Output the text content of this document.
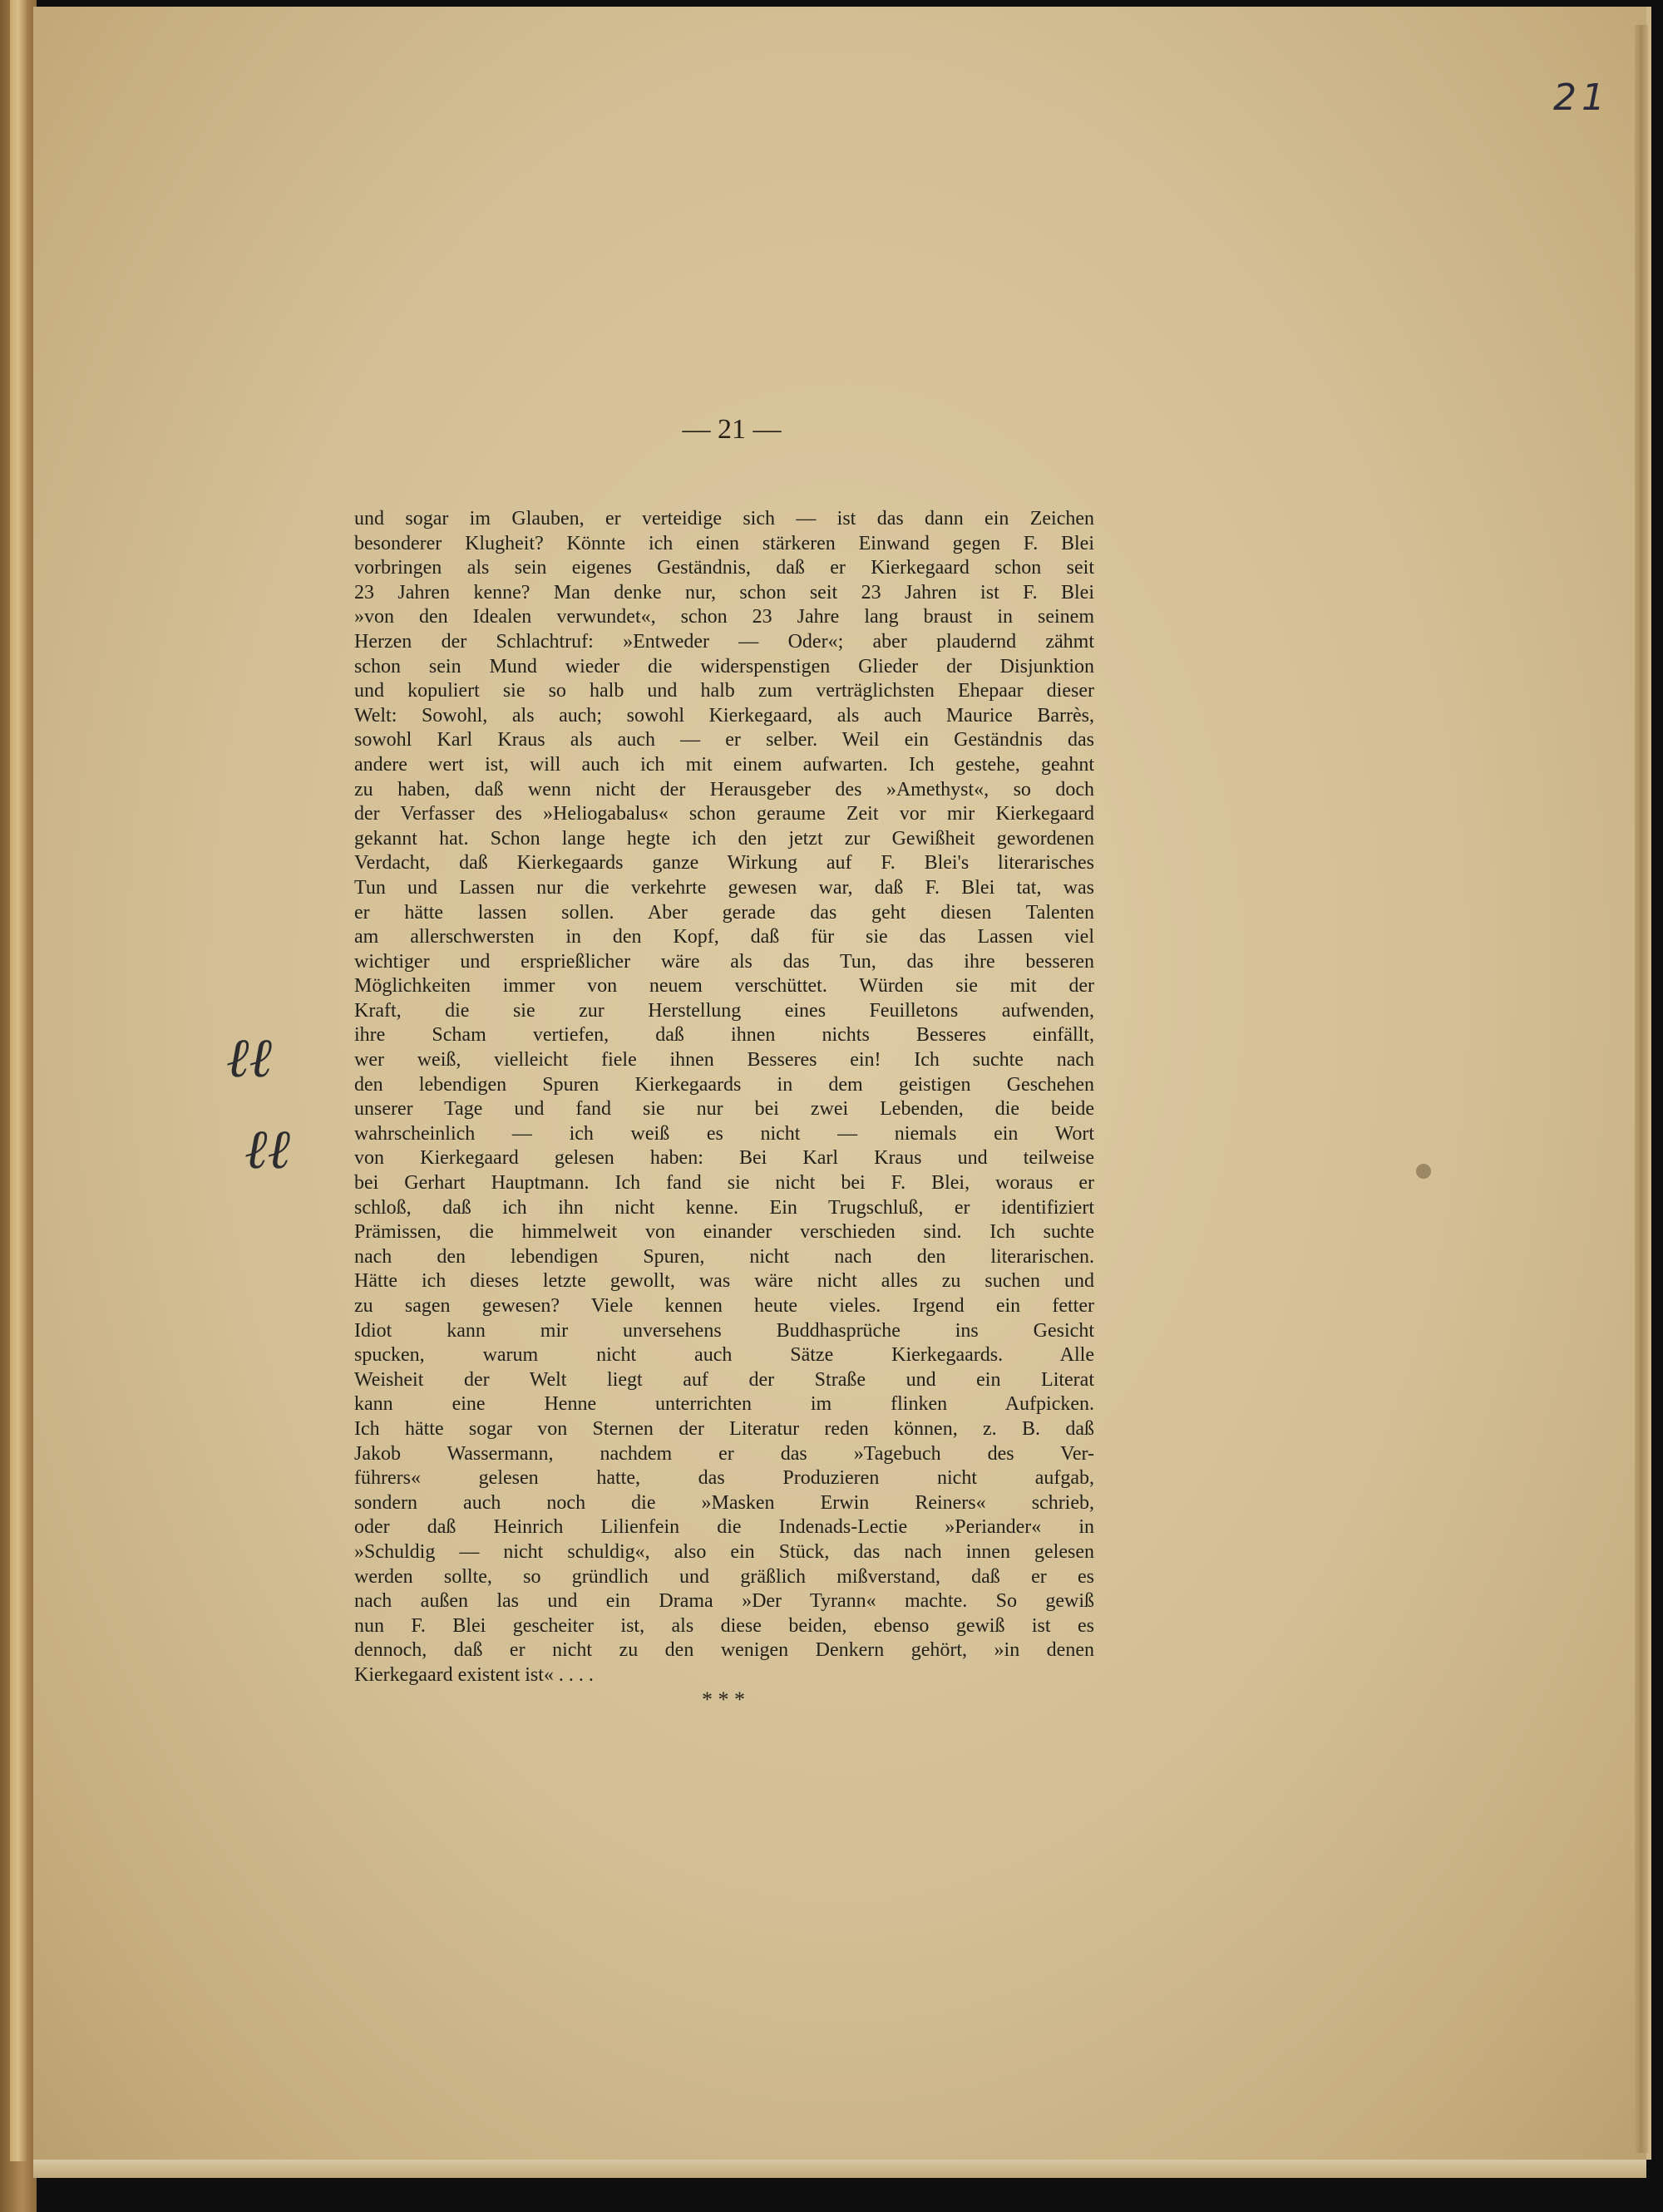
21
— 21 —
und sogar im Glauben, er verteidige sich — ist das dann ein Zeichen
besonderer Klugheit? Könnte ich einen stärkeren Einwand gegen F. Blei
vorbringen als sein eigenes Geständnis, daß er Kierkegaard schon seit
23 Jahren kenne? Man denke nur, schon seit 23 Jahren ist F. Blei
»von den Idealen verwundet«, schon 23 Jahre lang braust in seinem
Herzen der Schlachtruf: »Entweder — Oder«; aber plaudernd zähmt
schon sein Mund wieder die widerspenstigen Glieder der Disjunktion
und kopuliert sie so halb und halb zum verträglichsten Ehepaar dieser
Welt: Sowohl, als auch; sowohl Kierkegaard, als auch Maurice Barrès,
sowohl Karl Kraus als auch — er selber. Weil ein Geständnis das
andere wert ist, will auch ich mit einem aufwarten. Ich gestehe, geahnt
zu haben, daß wenn nicht der Herausgeber des »Amethyst«, so doch
der Verfasser des »Heliogabalus« schon geraume Zeit vor mir Kierkegaard
gekannt hat. Schon lange hegte ich den jetzt zur Gewißheit gewordenen
Verdacht, daß Kierkegaards ganze Wirkung auf F. Blei's literarisches
Tun und Lassen nur die verkehrte gewesen war, daß F. Blei tat, was
er hätte lassen sollen. Aber gerade das geht diesen Talenten
am allerschwersten in den Kopf, daß für sie das Lassen viel
wichtiger und ersprießlicher wäre als das Tun, das ihre besseren
Möglichkeiten immer von neuem verschüttet. Würden sie mit der
Kraft, die sie zur Herstellung eines Feuilletons aufwenden,
ihre Scham vertiefen, daß ihnen nichts Besseres einfällt,
wer weiß, vielleicht fiele ihnen Besseres ein! Ich suchte nach
den lebendigen Spuren Kierkegaards in dem geistigen Geschehen
unserer Tage und fand sie nur bei zwei Lebenden, die beide
wahrscheinlich — ich weiß es nicht — niemals ein Wort
von Kierkegaard gelesen haben: Bei Karl Kraus und teilweise
bei Gerhart Hauptmann. Ich fand sie nicht bei F. Blei, woraus er
schloß, daß ich ihn nicht kenne. Ein Trugschluß, er identifiziert
Prämissen, die himmelweit von einander verschieden sind. Ich suchte
nach den lebendigen Spuren, nicht nach den literarischen.
Hätte ich dieses letzte gewollt, was wäre nicht alles zu suchen und
zu sagen gewesen? Viele kennen heute vieles. Irgend ein fetter
Idiot kann mir unversehens Buddhasprüche ins Gesicht
spucken, warum nicht auch Sätze Kierkegaards. Alle
Weisheit der Welt liegt auf der Straße und ein Literat
kann eine Henne unterrichten im flinken Aufpicken.
Ich hätte sogar von Sternen der Literatur reden können, z. B. daß
Jakob Wassermann, nachdem er das »Tagebuch des Ver-
führers« gelesen hatte, das Produzieren nicht aufgab,
sondern auch noch die »Masken Erwin Reiners« schrieb,
oder daß Heinrich Lilienfein die Indenads-Lectie »Periander« in
»Schuldig — nicht schuldig«, also ein Stück, das nach innen gelesen
werden sollte, so gründlich und gräßlich mißverstand, daß er es
nach außen las und ein Drama »Der Tyrann« machte. So gewiß
nun F. Blei gescheiter ist, als diese beiden, ebenso gewiß ist es
dennoch, daß er nicht zu den wenigen Denkern gehört, »in denen
Kierkegaard existent ist« . . . .
* * *
ℓℓ
ℓℓ
